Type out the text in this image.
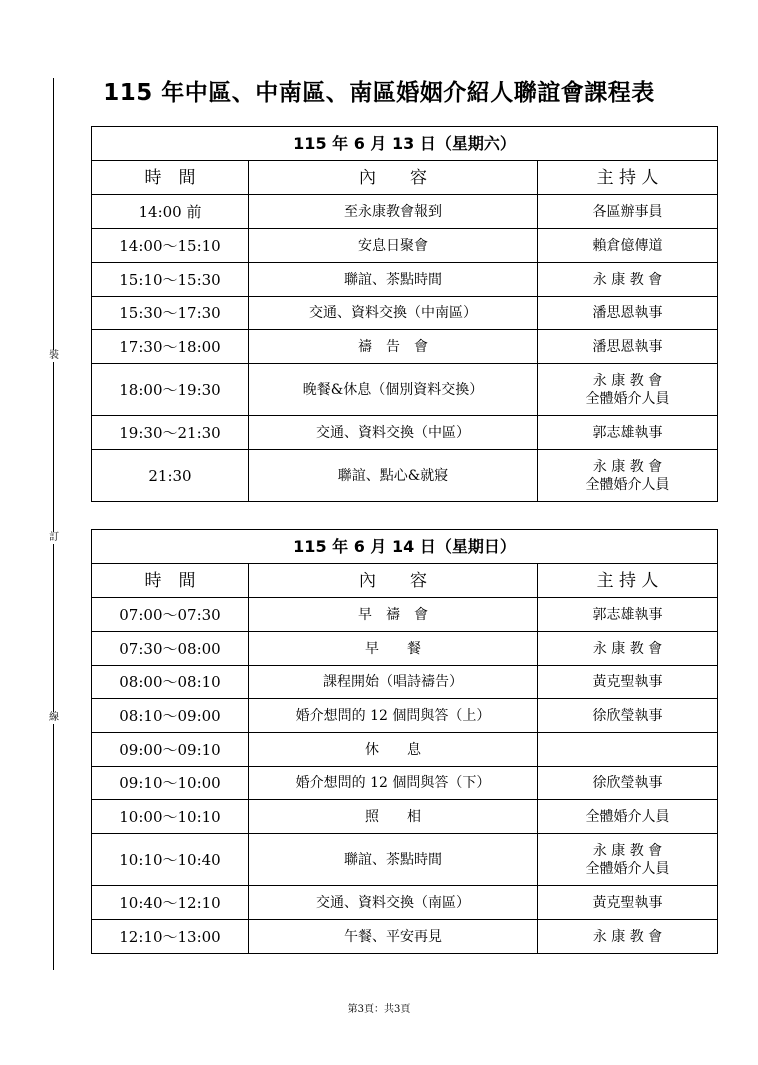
裝
訂
線
115 年中區、中南區、南區婚姻介紹人聯誼會課程表
115 年 6 月 13 日（星期六）		
時　間	內　　容	主 持 人
14:00 前	至永康教會報到	各區辦事員
14:00～15:10	安息日聚會	賴倉億傳道
15:10～15:30	聯誼、茶點時間	永 康 教 會
15:30～17:30	交通、資料交換（中南區）	潘思恩執事
17:30～18:00	禱　告　會	潘思恩執事
18:00～19:30	晚餐&休息（個別資料交換）	永 康 教 會
全體婚介人員

19:30～21:30	交通、資料交換（中區）	郭志雄執事
21:30	聯誼、點心&就寢	永 康 教 會
全體婚介人員
115 年 6 月 14 日（星期日）		
時　間	內　　容	主 持 人
07:00～07:30	早　禱　會	郭志雄執事
07:30～08:00	早　　餐	永 康 教 會
08:00～08:10	課程開始（唱詩禱告）	黃克聖執事
08:10～09:00	婚介想問的 12 個問與答（上）	徐欣瑩執事
09:00～09:10	休　　息	
09:10～10:00	婚介想問的 12 個問與答（下）	徐欣瑩執事
10:00～10:10	照　　相	全體婚介人員
10:10～10:40	聯誼、茶點時間	永 康 教 會
全體婚介人員

10:40～12:10	交通、資料交換（南區）	黃克聖執事
12:10～13:00	午餐、平安再見	永 康 教 會
第3頁：共3頁
